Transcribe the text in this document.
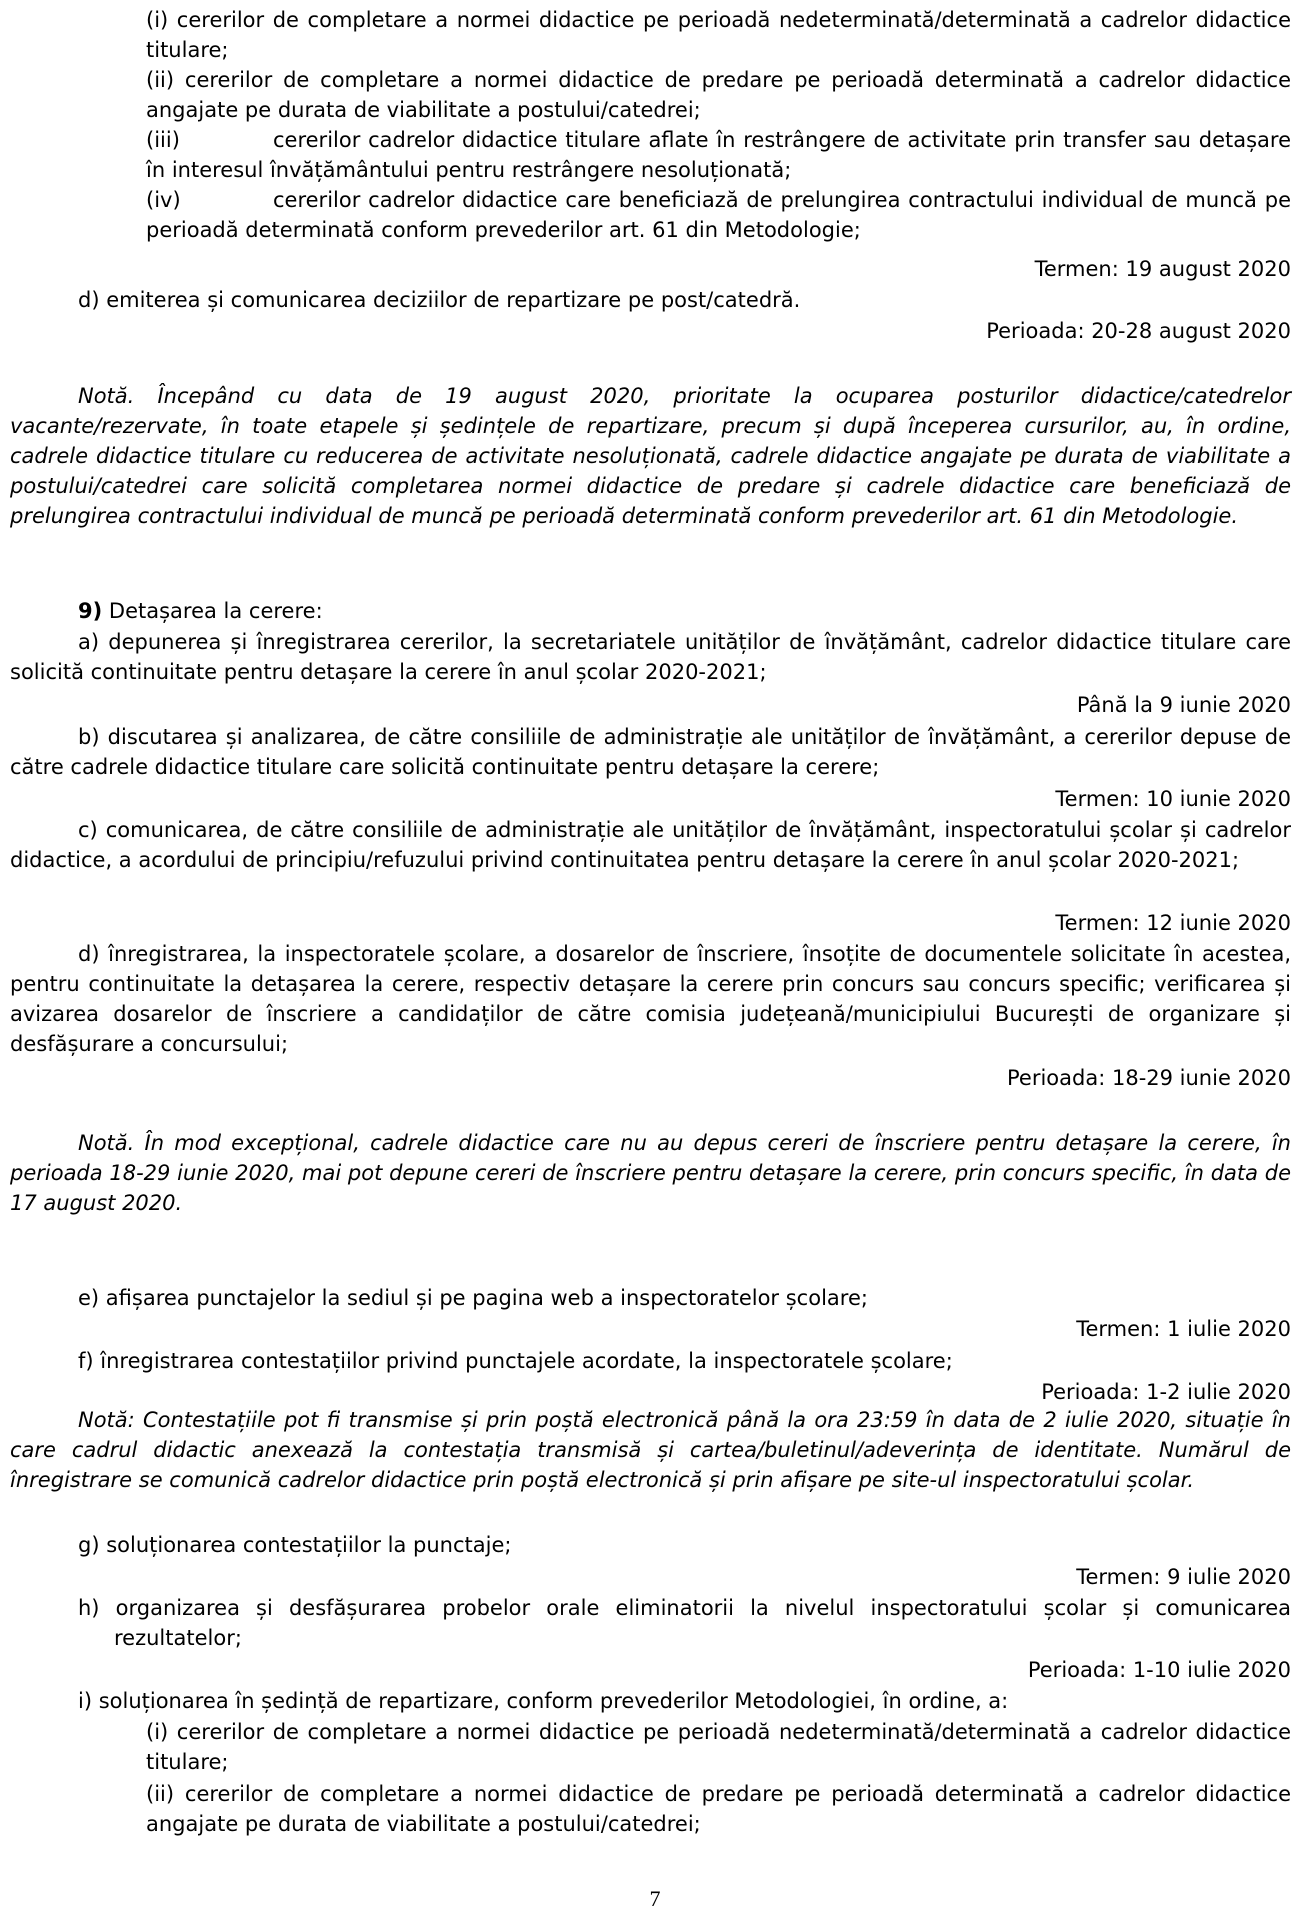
(i) cererilor de completare a normei didactice pe perioadă nedeterminată/determinată a cadrelor didactice titulare;

(ii) cererilor de completare a normei didactice de predare pe perioadă determinată a cadrelor didactice angajate pe durata de viabilitate a postului/catedrei;

(iii)	cererilor cadrelor didactice titulare aflate în restrângere de activitate prin transfer sau detașare în interesul învățământului pentru restrângere nesoluționată;

(iv)	cererilor cadrelor didactice care beneficiază de prelungirea contractului individual de muncă pe perioadă determinată conform prevederilor art. 61 din Metodologie;

Termen: 19 august 2020
d) emiterea și comunicarea deciziilor de repartizare pe post/catedră.
Perioada: 20-28 august 2020

Notă. Începând cu data de 19 august 2020, prioritate la ocuparea posturilor didactice/catedrelor vacante/rezervate, în toate etapele și ședințele de repartizare, precum și după începerea cursurilor, au, în ordine, cadrele didactice titulare cu reducerea de activitate nesoluționată, cadrele didactice angajate pe durata de viabilitate a postului/catedrei care solicită completarea normei didactice de predare și cadrele didactice care beneficiază de prelungirea contractului individual de muncă pe perioadă determinată conform prevederilor art. 61 din Metodologie.

9) Detașarea la cerere:

a) depunerea și înregistrarea cererilor, la secretariatele unităților de învățământ, cadrelor didactice titulare care solicită continuitate pentru detașare la cerere în anul școlar 2020-2021;

Până la 9 iunie 2020

b) discutarea și analizarea, de către consiliile de administrație ale unităților de învățământ, a cererilor depuse de către cadrele didactice titulare care solicită continuitate pentru detașare la cerere;

Termen: 10 iunie 2020

c) comunicarea, de către consiliile de administrație ale unităților de învățământ, inspectoratului școlar și cadrelor didactice, a acordului de principiu/refuzului privind continuitatea pentru detașare la cerere în anul școlar 2020-2021;

Termen: 12 iunie 2020

d) înregistrarea, la inspectoratele școlare, a dosarelor de înscriere, însoțite de documentele solicitate în acestea, pentru continuitate la detașarea la cerere, respectiv detașare la cerere prin concurs sau concurs specific; verificarea și avizarea dosarelor de înscriere a candidaților de către comisia județeană/municipiului București de organizare și desfășurare a concursului;

Perioada: 18-29 iunie 2020

Notă. În mod excepțional, cadrele didactice care nu au depus cereri de înscriere pentru detașare la cerere, în perioada 18-29 iunie 2020, mai pot depune cereri de înscriere pentru detașare la cerere, prin concurs specific, în data de 17 august 2020.

e) afișarea punctajelor la sediul și pe pagina web a inspectoratelor școlare;
Termen: 1 iulie 2020
f) înregistrarea contestațiilor privind punctajele acordate, la inspectoratele școlare;
Perioada: 1-2 iulie 2020

Notă: Contestațiile pot fi transmise și prin poștă electronică până la ora 23:59 în data de 2 iulie 2020, situație în care cadrul didactic anexează la contestația transmisă și cartea/buletinul/adeverința de identitate. Numărul de înregistrare se comunică cadrelor didactice prin poștă electronică și prin afișare pe site-ul inspectoratului școlar.

g) soluționarea contestațiilor la punctaje;
Termen: 9 iulie 2020

h) organizarea și desfășurarea probelor orale eliminatorii la nivelul inspectoratului școlar și comunicarea rezultatelor;

Perioada: 1-10 iulie 2020
i) soluționarea în ședință de repartizare, conform prevederilor Metodologiei, în ordine, a:

(i) cererilor de completare a normei didactice pe perioadă nedeterminată/determinată a cadrelor didactice titulare;

(ii) cererilor de completare a normei didactice de predare pe perioadă determinată a cadrelor didactice angajate pe durata de viabilitate a postului/catedrei;

7
